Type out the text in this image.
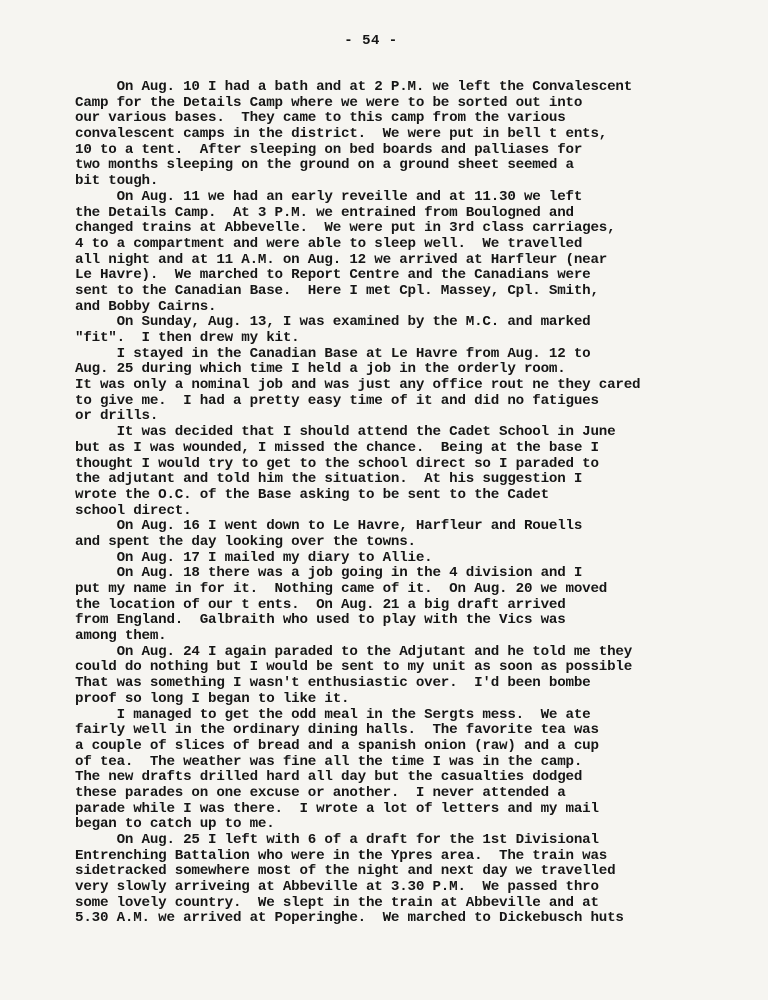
- 54 -
On Aug. 10 I had a bath and at 2 P.M. we left the Convalescent
Camp for the Details Camp where we were to be sorted out into
our various bases.  They came to this camp from the various
convalescent camps in the district.  We were put in bell t ents,
10 to a tent.  After sleeping on bed boards and palliases for
two months sleeping on the ground on a ground sheet seemed a
bit tough.
On Aug. 11 we had an early reveille and at 11.30 we left
the Details Camp.  At 3 P.M. we entrained from Boulogned and
changed trains at Abbevelle.  We were put in 3rd class carriages,
4 to a compartment and were able to sleep well.  We travelled
all night and at 11 A.M. on Aug. 12 we arrived at Harfleur (near
Le Havre).  We marched to Report Centre and the Canadians were
sent to the Canadian Base.  Here I met Cpl. Massey, Cpl. Smith,
and Bobby Cairns.
On Sunday, Aug. 13, I was examined by the M.C. and marked
"fit".  I then drew my kit.
I stayed in the Canadian Base at Le Havre from Aug. 12 to
Aug. 25 during which time I held a job in the orderly room.
It was only a nominal job and was just any office rout ne they cared
to give me.  I had a pretty easy time of it and did no fatigues
or drills.
It was decided that I should attend the Cadet School in June
but as I was wounded, I missed the chance.  Being at the base I
thought I would try to get to the school direct so I paraded to
the adjutant and told him the situation.  At his suggestion I
wrote the O.C. of the Base asking to be sent to the Cadet
school direct.
On Aug. 16 I went down to Le Havre, Harfleur and Rouells
and spent the day looking over the towns.
On Aug. 17 I mailed my diary to Allie.
On Aug. 18 there was a job going in the 4 division and I
put my name in for it.  Nothing came of it.  On Aug. 20 we moved
the location of our t ents.  On Aug. 21 a big draft arrived
from England.  Galbraith who used to play with the Vics was
among them.
On Aug. 24 I again paraded to the Adjutant and he told me they
could do nothing but I would be sent to my unit as soon as possible
That was something I wasn't enthusiastic over.  I'd been bombe
proof so long I began to like it.
I managed to get the odd meal in the Sergts mess.  We ate
fairly well in the ordinary dining halls.  The favorite tea was
a couple of slices of bread and a spanish onion (raw) and a cup
of tea.  The weather was fine all the time I was in the camp.
The new drafts drilled hard all day but the casualties dodged
these parades on one excuse or another.  I never attended a
parade while I was there.  I wrote a lot of letters and my mail
began to catch up to me.
On Aug. 25 I left with 6 of a draft for the 1st Divisional
Entrenching Battalion who were in the Ypres area.  The train was
sidetracked somewhere most of the night and next day we travelled
very slowly arriveing at Abbeville at 3.30 P.M.  We passed thro
some lovely country.  We slept in the train at Abbeville and at
5.30 A.M. we arrived at Poperinghe.  We marched to Dickebusch huts
